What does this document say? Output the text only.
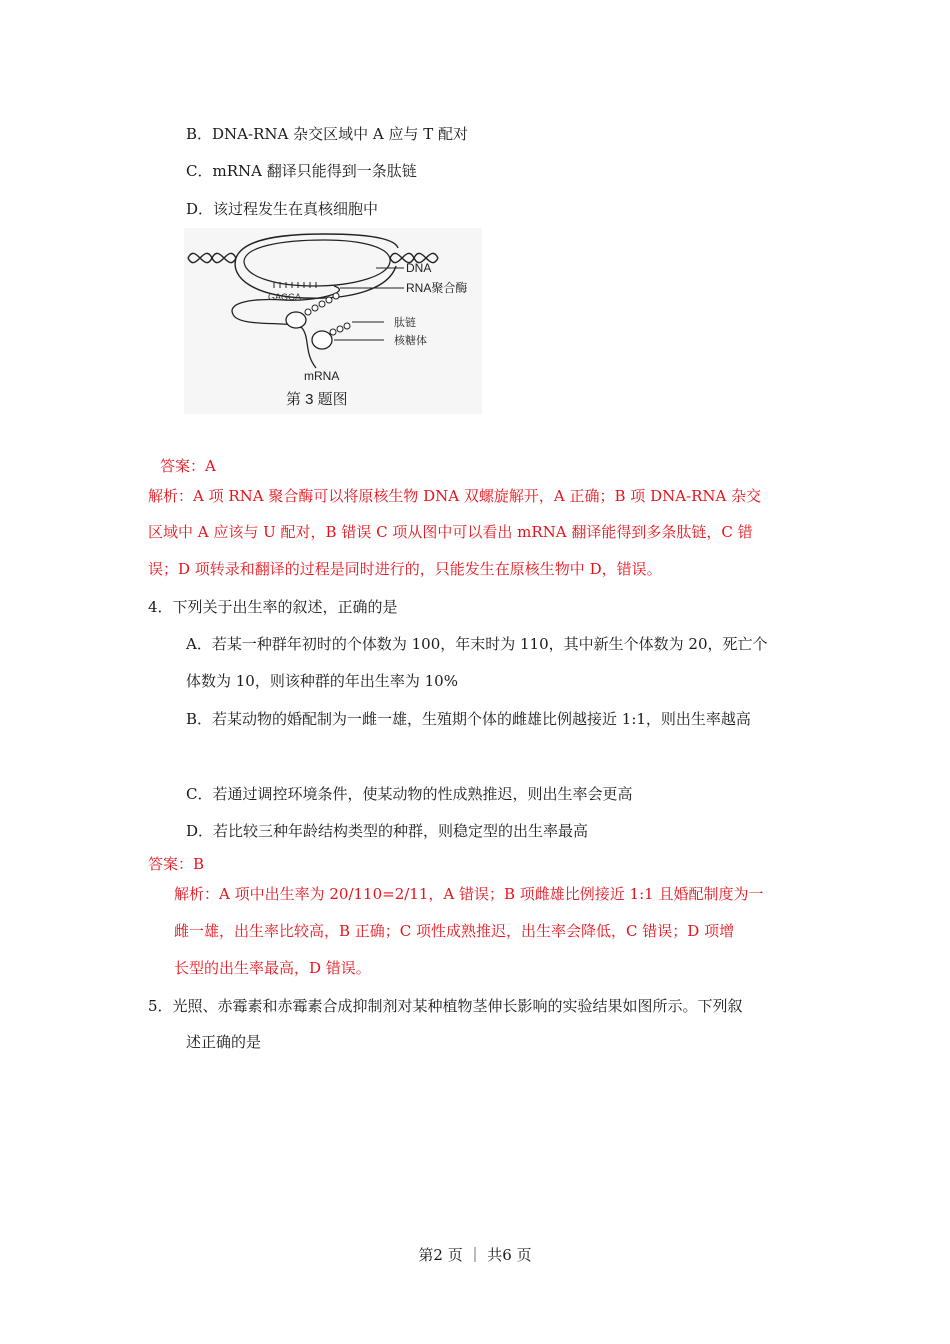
B．DNA-RNA 杂交区域中 A 应与 T 配对
C．mRNA 翻译只能得到一条肽链
D．该过程发生在真核细胞中
GAGGA
DNA
RNA聚合酶
肽链
核糖体
mRNA
第 3 题图
答案：A
解析：A 项 RNA 聚合酶可以将原核生物 DNA 双螺旋解开，A 正确；B 项 DNA-RNA 杂交
区域中 A 应该与 U 配对，B 错误 C 项从图中可以看出 mRNA 翻译能得到多条肽链，C 错
误；D 项转录和翻译的过程是同时进行的，只能发生在原核生物中 D，错误。
4．下列关于出生率的叙述，正确的是
A．若某一种群年初时的个体数为 100，年末时为 110，其中新生个体数为 20，死亡个
体数为 10，则该种群的年出生率为 10%
B．若某动物的婚配制为一雌一雄，生殖期个体的雌雄比例越接近 1:1，则出生率越高
C．若通过调控环境条件，使某动物的性成熟推迟，则出生率会更高
D．若比较三种年龄结构类型的种群，则稳定型的出生率最高
答案：B
解析：A 项中出生率为 20/110=2/11，A 错误；B 项雌雄比例接近 1:1 且婚配制度为一
雌一雄，出生率比较高，B 正确；C 项性成熟推迟，出生率会降低，C 错误；D 项增
长型的出生率最高，D 错误。
5．光照、赤霉素和赤霉素合成抑制剂对某种植物茎伸长影响的实验结果如图所示。下列叙
述正确的是
第2 页 ｜ 共6 页
